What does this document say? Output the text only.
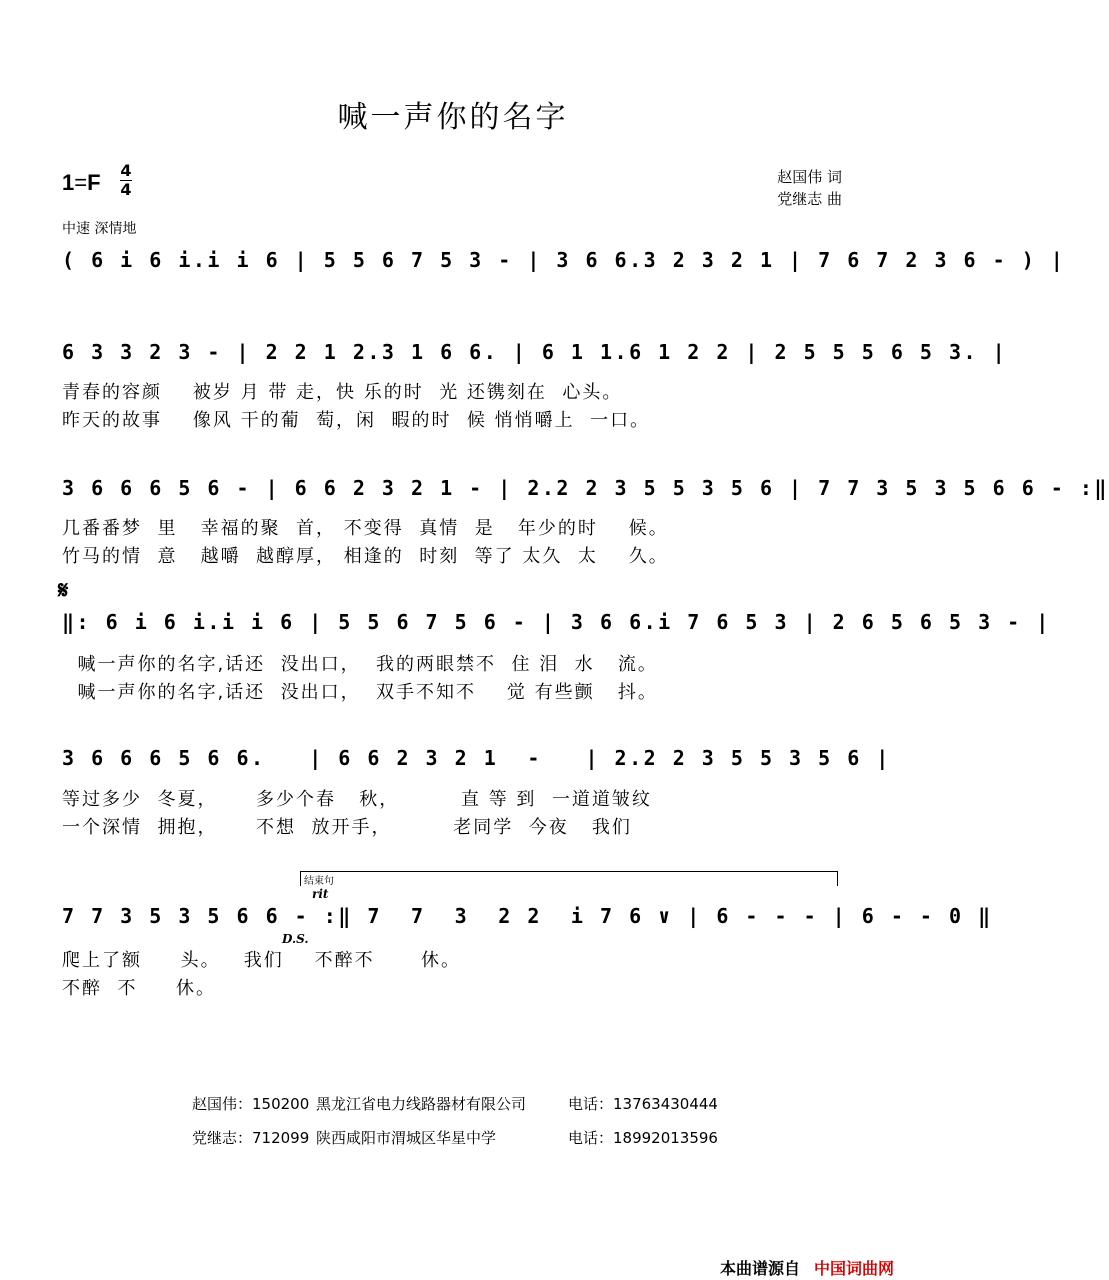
喊一声你的名字
1=F 4
4
赵国伟 词
党继志 曲
中速 深情地
( 6 i 6 i.i i 6 | 5 5 6 7 5 3 - | 3 6 6.3 2 3 2 1 | 7 6 7 2 3 6 - ) |
6 3 3 2 3 - | 2 2 1 2.3 1 6 6. | 6 1 1.6 1 2 2 | 2 5 5 5 6 5 3. |
青春的容颜    被岁 月 带 走，快 乐的时  光 还镌刻在  心头。
昨天的故事    像风 干的葡  萄，闲  暇的时  候 悄悄嚼上  一口。
3 6 6 6 5 6 - | 6 6 2 3 2 1 - | 2.2 2 3 5 5 3 5 6 | 7 7 3 5 3 5 6 6 - :‖
几番番梦  里   幸福的聚  首， 不变得  真情  是   年少的时    候。
竹马的情  意   越嚼  越醇厚， 相逢的  时刻  等了 太久  太    久。
𝄋
‖: 6 i 6 i.i i 6 | 5 5 6 7 5 6 - | 3 6 6.i 7 6 5 3 | 2 6 5 6 5 3 - |
喊一声你的名字,话还  没出口，  我的两眼禁不  住 泪  水   流。
喊一声你的名字,话还  没出口，  双手不知不    觉 有些颤   抖。
3 6 6 6 5 6 6.   | 6 6 2 3 2 1  -   | 2.2 2 3 5 5 3 5 6 |
等过多少  冬夏，     多少个春   秋，        直 等 到  一道道皱纹
一个深情  拥抱，     不想  放开手，        老同学  今夜   我们
结束句
rit
7 7 3 5 3 5 6 6 - :‖ 7  7  3  2 2  i 7 6 ∨ | 6 - - - | 6 - - 0 ‖
D.S.
爬上了额     头。   我们    不醉不      休。
不醉  不     休。
赵国伟：150200 黑龙江省电力线路器材有限公司	电话：13763430444
党继志：712099 陕西咸阳市渭城区华星中学	电话：18992013596
本曲谱源自 中国词曲网
